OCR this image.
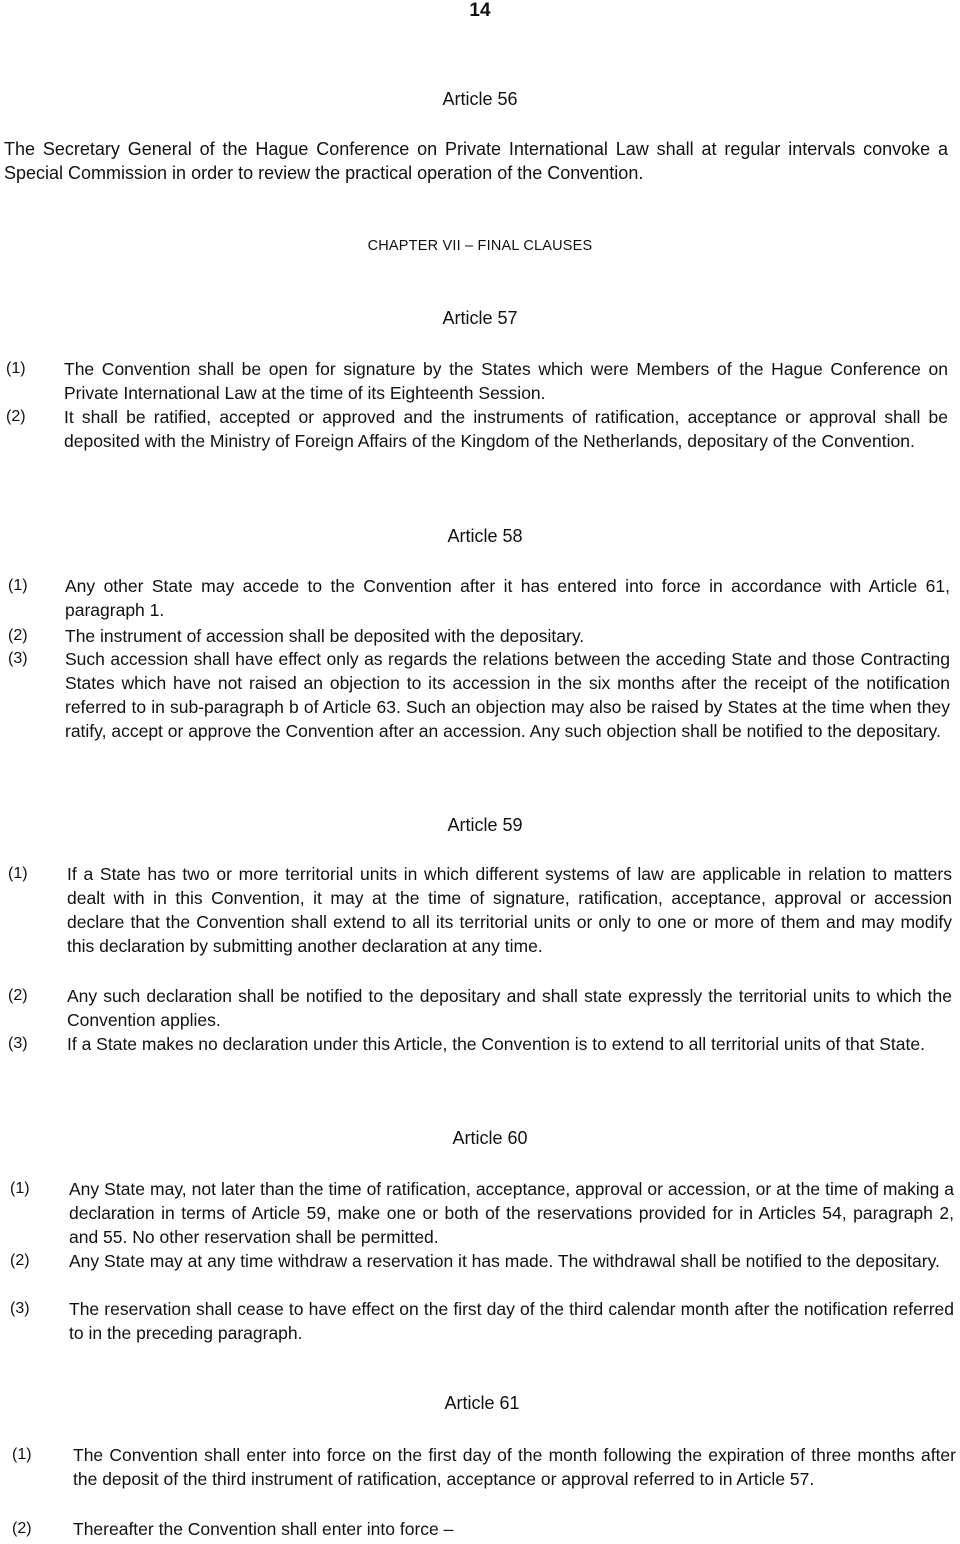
14
Article 56
The Secretary General of the Hague Conference on Private International Law shall at regular intervals convoke a Special Commission in order to review the practical operation of the Convention.
CHAPTER VII – FINAL CLAUSES
Article 57
(1) The Convention shall be open for signature by the States which were Members of the Hague Conference on Private International Law at the time of its Eighteenth Session.
(2) It shall be ratified, accepted or approved and the instruments of ratification, acceptance or approval shall be deposited with the Ministry of Foreign Affairs of the Kingdom of the Netherlands, depositary of the Convention.
Article 58
(1) Any other State may accede to the Convention after it has entered into force in accordance with Article 61, paragraph 1.
(2) The instrument of accession shall be deposited with the depositary.
(3) Such accession shall have effect only as regards the relations between the acceding State and those Contracting States which have not raised an objection to its accession in the six months after the receipt of the notification referred to in sub-paragraph b of Article 63. Such an objection may also be raised by States at the time when they ratify, accept or approve the Convention after an accession. Any such objection shall be notified to the depositary.
Article 59
(1) If a State has two or more territorial units in which different systems of law are applicable in relation to matters dealt with in this Convention, it may at the time of signature, ratification, acceptance, approval or accession declare that the Convention shall extend to all its territorial units or only to one or more of them and may modify this declaration by submitting another declaration at any time.
(2) Any such declaration shall be notified to the depositary and shall state expressly the territorial units to which the Convention applies.
(3) If a State makes no declaration under this Article, the Convention is to extend to all territorial units of that State.
Article 60
(1) Any State may, not later than the time of ratification, acceptance, approval or accession, or at the time of making a declaration in terms of Article 59, make one or both of the reservations provided for in Articles 54, paragraph 2, and 55. No other reservation shall be permitted.
(2) Any State may at any time withdraw a reservation it has made. The withdrawal shall be notified to the depositary.
(3) The reservation shall cease to have effect on the first day of the third calendar month after the notification referred to in the preceding paragraph.
Article 61
(1) The Convention shall enter into force on the first day of the month following the expiration of three months after the deposit of the third instrument of ratification, acceptance or approval referred to in Article 57.
(2) Thereafter the Convention shall enter into force –
